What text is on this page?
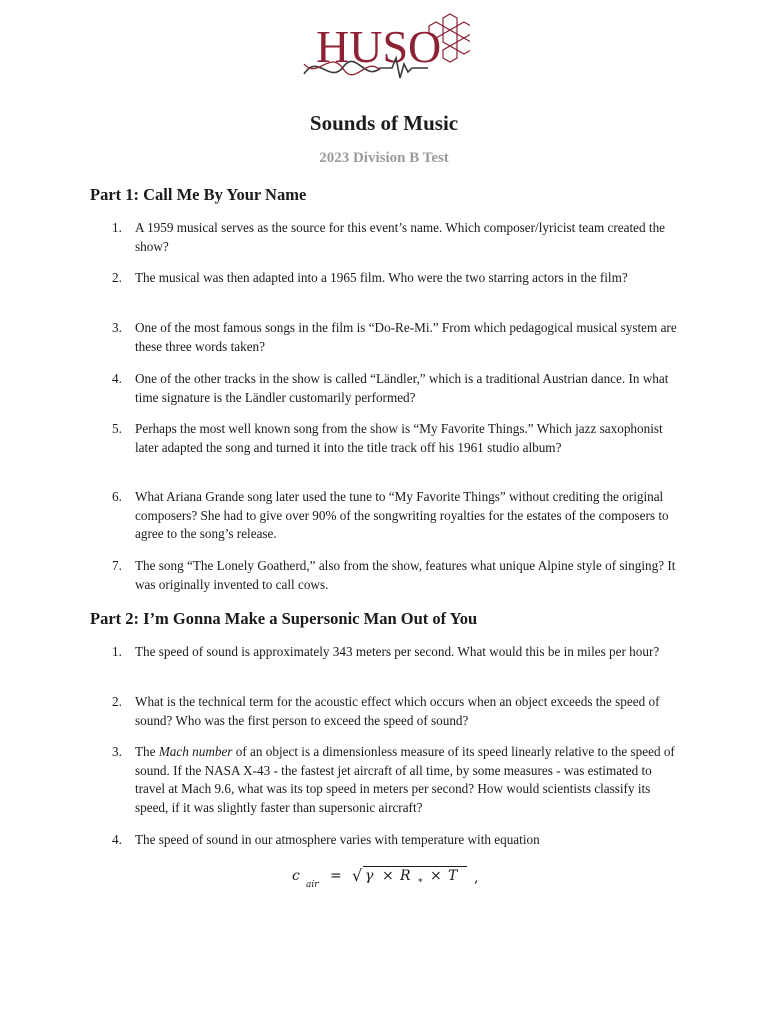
HUSO
Sounds of Music
2023 Division B Test
Part 1: Call Me By Your Name
1. A 1959 musical serves as the source for this event’s name. Which composer/lyricist team created the show?
2. The musical was then adapted into a 1965 film. Who were the two starring actors in the film?
3. One of the most famous songs in the film is “Do-Re-Mi.” From which pedagogical musical system are these three words taken?
4. One of the other tracks in the show is called “Ländler,” which is a traditional Austrian dance. In what time signature is the Ländler customarily performed?
5. Perhaps the most well known song from the show is “My Favorite Things.” Which jazz saxophonist later adapted the song and turned it into the title track off his 1961 studio album?
6. What Ariana Grande song later used the tune to “My Favorite Things” without crediting the original composers? She had to give over 90% of the songwriting royalties for the estates of the composers to agree to the song’s release.
7. The song “The Lonely Goatherd,” also from the show, features what unique Alpine style of singing? It was originally invented to call cows.
Part 2: I’m Gonna Make a Supersonic Man Out of You
1. The speed of sound is approximately 343 meters per second. What would this be in miles per hour?
2. What is the technical term for the acoustic effect which occurs when an object exceeds the speed of sound? Who was the first person to exceed the speed of sound?
3. The Mach number of an object is a dimensionless measure of its speed linearly relative to the speed of sound. If the NASA X-43 - the fastest jet aircraft of all time, by some measures - was estimated to travel at Mach 9.6, what was its top speed in meters per second? How would scientists classify its speed, if it was slightly faster than supersonic aircraft?
4. The speed of sound in our atmosphere varies with temperature with equation
c
air
= √ γ × R * × T ,
